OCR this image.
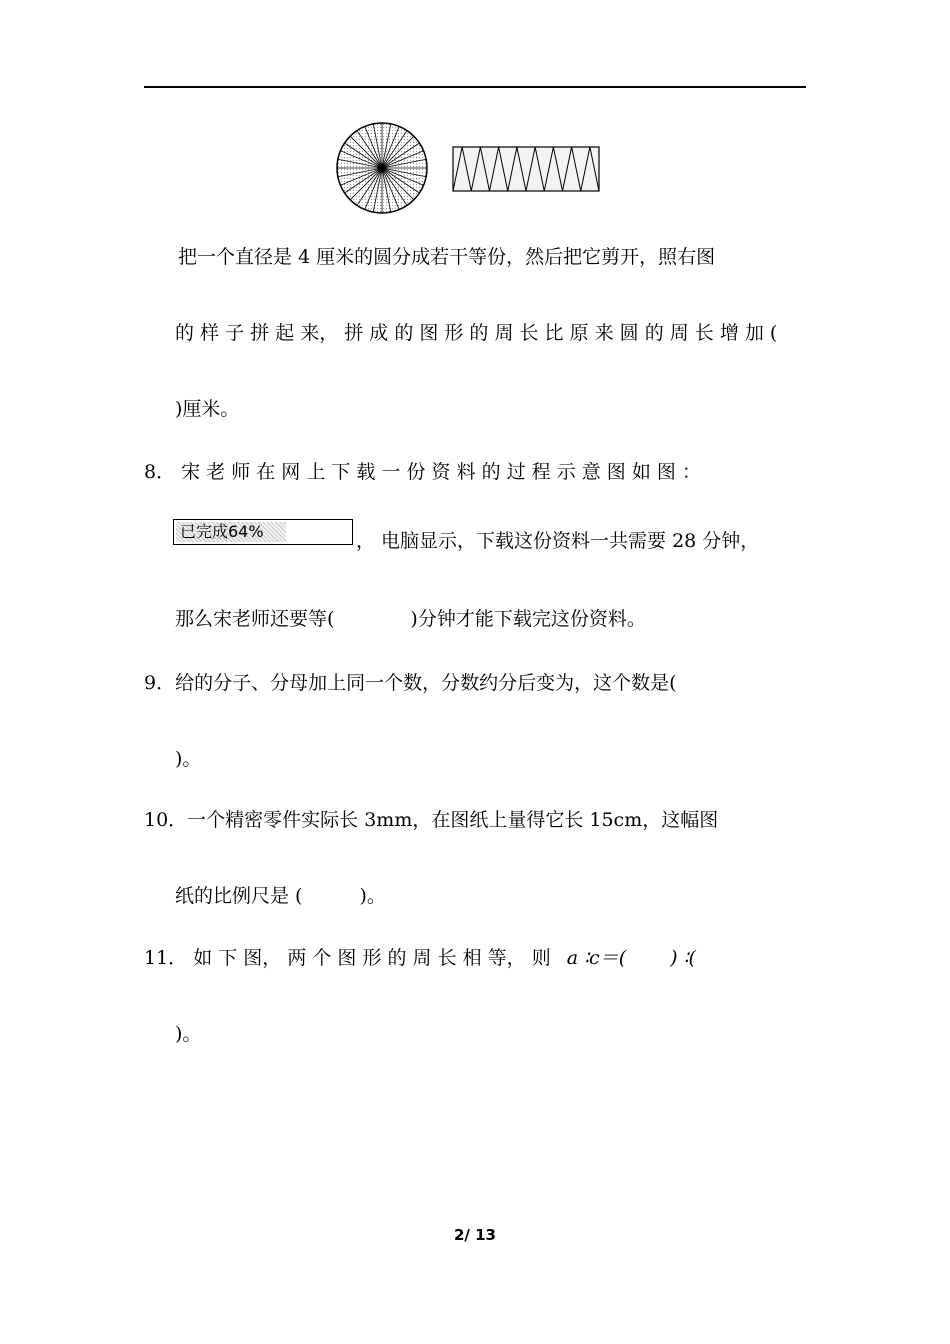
把一个直径是 4 厘米的圆分成若干等份，然后把它剪开，照右图
的 样 子 拼 起 来， 拼 成 的 图 形 的 周 长 比 原 来 圆 的 周 长 增 加 (
)厘米。
8． 宋 老 师 在 网 上 下 载 一 份 资 料 的 过 程 示 意 图 如 图 ：
已完成64%	， 电脑显示，下载这份资料一共需要 28 分钟，
那么宋老师还要等(　　　　)分钟才能下载完这份资料。
9．给的分子、分母加上同一个数，分数约分后变为，这个数是(
)。
10．一个精密零件实际长 3mm，在图纸上量得它长 15cm，这幅图
纸的比例尺是 (　　　)。
11． 如 下 图， 两 个 图 形 的 周 长 相 等， 则 a ∶c＝(　　 ) ∶(
)。
2/ 13
